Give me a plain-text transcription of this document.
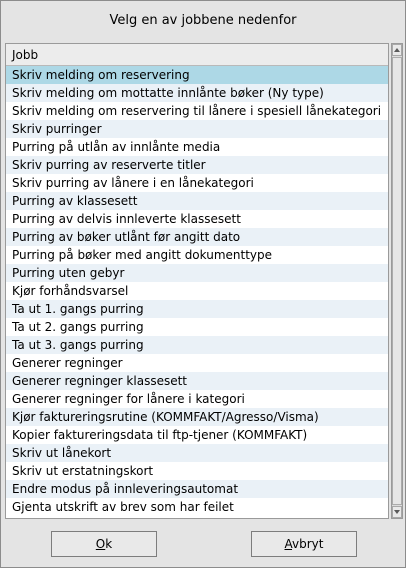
Velg en av jobbene nedenfor
Jobb
Skriv melding om reservering
Skriv melding om mottatte innlånte bøker (Ny type)
Skriv melding om reservering til lånere i spesiell lånekategori
Skriv purringer
Purring på utlån av innlånte media
Skriv purring av reserverte titler
Skriv purring av lånere i en lånekategori
Purring av klassesett
Purring av delvis innleverte klassesett
Purring av bøker utlånt før angitt dato
Purring på bøker med angitt dokumenttype
Purring uten gebyr
Kjør forhåndsvarsel
Ta ut 1. gangs purring
Ta ut 2. gangs purring
Ta ut 3. gangs purring
Generer regninger
Generer regninger klassesett
Generer regninger for lånere i kategori
Kjør faktureringsrutine (KOMMFAKT/Agresso/Visma)
Kopier faktureringsdata til ftp-tjener (KOMMFAKT)
Skriv ut lånekort
Skriv ut erstatningskort
Endre modus på innleveringsautomat
Gjenta utskrift av brev som har feilet
Ok	Avbryt
